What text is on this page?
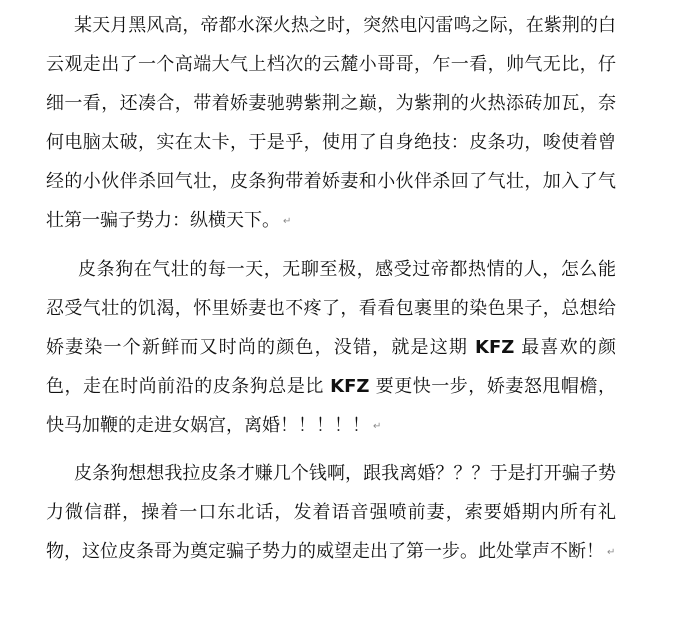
某天月黑风高，帝都水深火热之时，突然电闪雷鸣之际，在紫荆的白云观走出了一个高端大气上档次的云麓小哥哥，乍一看，帅气无比，仔细一看，还凑合，带着娇妻驰骋紫荆之巅，为紫荆的火热添砖加瓦，奈何电脑太破，实在太卡，于是乎，使用了自身绝技：皮条功，唆使着曾经的小伙伴杀回气壮，皮条狗带着娇妻和小伙伴杀回了气壮，加入了气壮第一骗子势力：纵横天下。 ↵

皮条狗在气壮的每一天，无聊至极，感受过帝都热情的人，怎么能忍受气壮的饥渴，怀里娇妻也不疼了，看看包裹里的染色果子，总想给娇妻染一个新鲜而又时尚的颜色，没错，就是这期 KFZ 最喜欢的颜色，走在时尚前沿的皮条狗总是比 KFZ 要更快一步，娇妻怒甩帽檐，快马加鞭的走进女娲宫，离婚！！！！！ ↵

皮条狗想想我拉皮条才赚几个钱啊，跟我离婚？？？于是打开骗子势力微信群，操着一口东北话，发着语音强喷前妻，索要婚期内所有礼物，这位皮条哥为奠定骗子势力的威望走出了第一步。此处掌声不断！ ↵
